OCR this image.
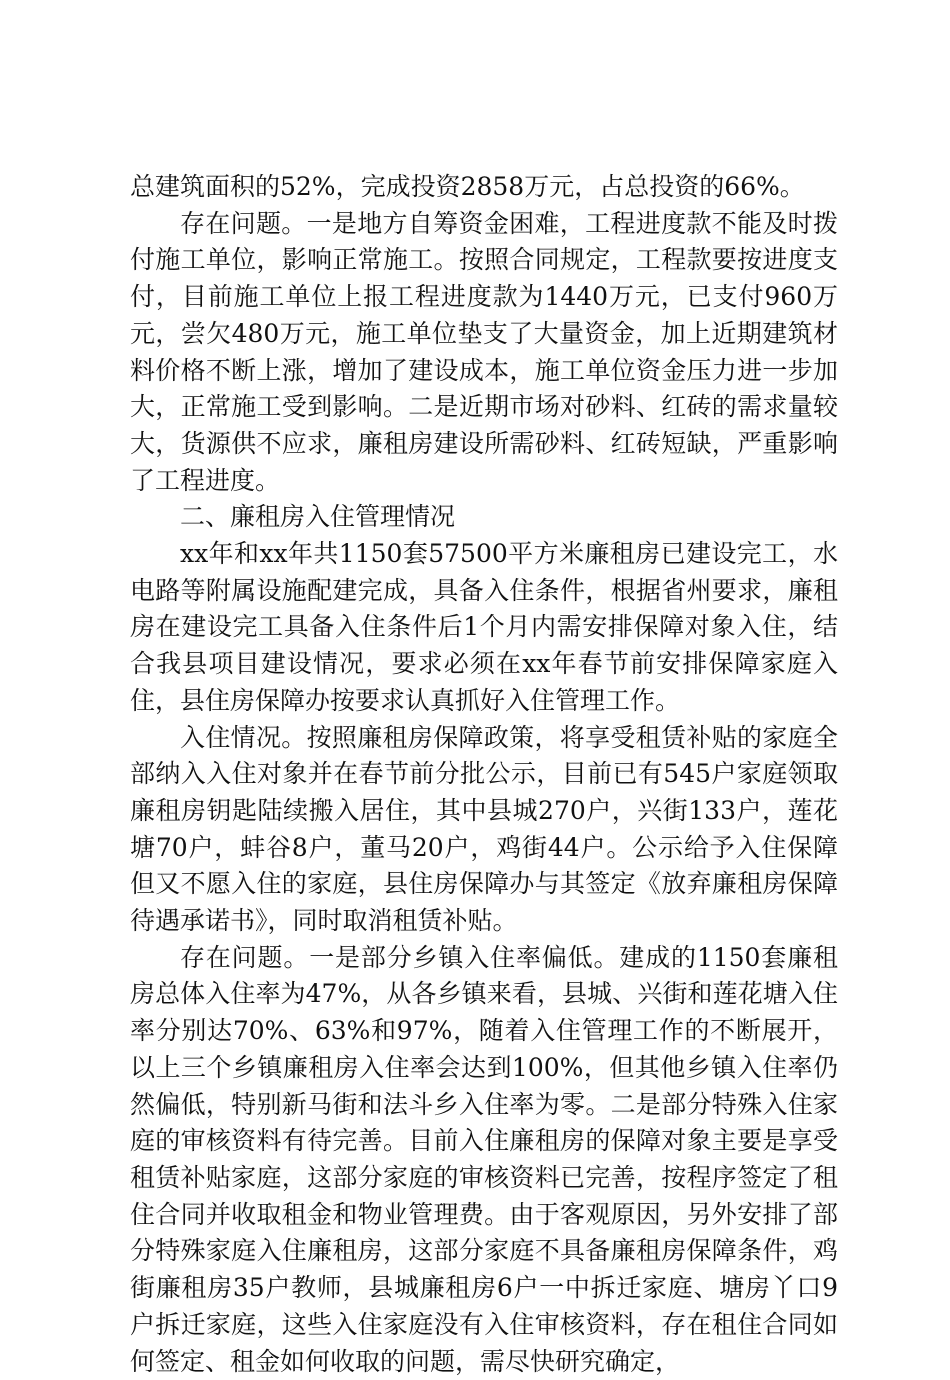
总建筑面积的52%，完成投资2858万元，占总投资的66%。

存在问题。一是地方自筹资金困难，工程进度款不能及时拨付施工单位，影响正常施工。按照合同规定，工程款要按进度支付，目前施工单位上报工程进度款为1440万元，已支付960万元，尝欠480万元，施工单位垫支了大量资金，加上近期建筑材料价格不断上涨，增加了建设成本，施工单位资金压力进一步加大，正常施工受到影响。二是近期市场对砂料、红砖的需求量较大，货源供不应求，廉租房建设所需砂料、红砖短缺，严重影响了工程进度。

二、廉租房入住管理情况

xx年和xx年共1150套57500平方米廉租房已建设完工，水电路等附属设施配建完成，具备入住条件，根据省州要求，廉租房在建设完工具备入住条件后1个月内需安排保障对象入住，结合我县项目建设情况，要求必须在xx年春节前安排保障家庭入住，县住房保障办按要求认真抓好入住管理工作。

入住情况。按照廉租房保障政策，将享受租赁补贴的家庭全部纳入入住对象并在春节前分批公示，目前已有545户家庭领取廉租房钥匙陆续搬入居住，其中县城270户，兴街133户，莲花塘70户，蚌谷8户，董马20户，鸡街44户。公示给予入住保障但又不愿入住的家庭，县住房保障办与其签定《放弃廉租房保障待遇承诺书》，同时取消租赁补贴。

存在问题。一是部分乡镇入住率偏低。建成的1150套廉租房总体入住率为47%，从各乡镇来看，县城、兴街和莲花塘入住率分别达70%、63%和97%，随着入住管理工作的不断展开，以上三个乡镇廉租房入住率会达到100%，但其他乡镇入住率仍然偏低，特别新马街和法斗乡入住率为零。二是部分特殊入住家庭的审核资料有待完善。目前入住廉租房的保障对象主要是享受租赁补贴家庭，这部分家庭的审核资料已完善，按程序签定了租住合同并收取租金和物业管理费。由于客观原因，另外安排了部分特殊家庭入住廉租房，这部分家庭不具备廉租房保障条件，鸡街廉租房35户教师，县城廉租房6户一中拆迁家庭、塘房丫口9户拆迁家庭，这些入住家庭没有入住审核资料，存在租住合同如何签定、租金如何收取的问题，需尽快研究确定，
